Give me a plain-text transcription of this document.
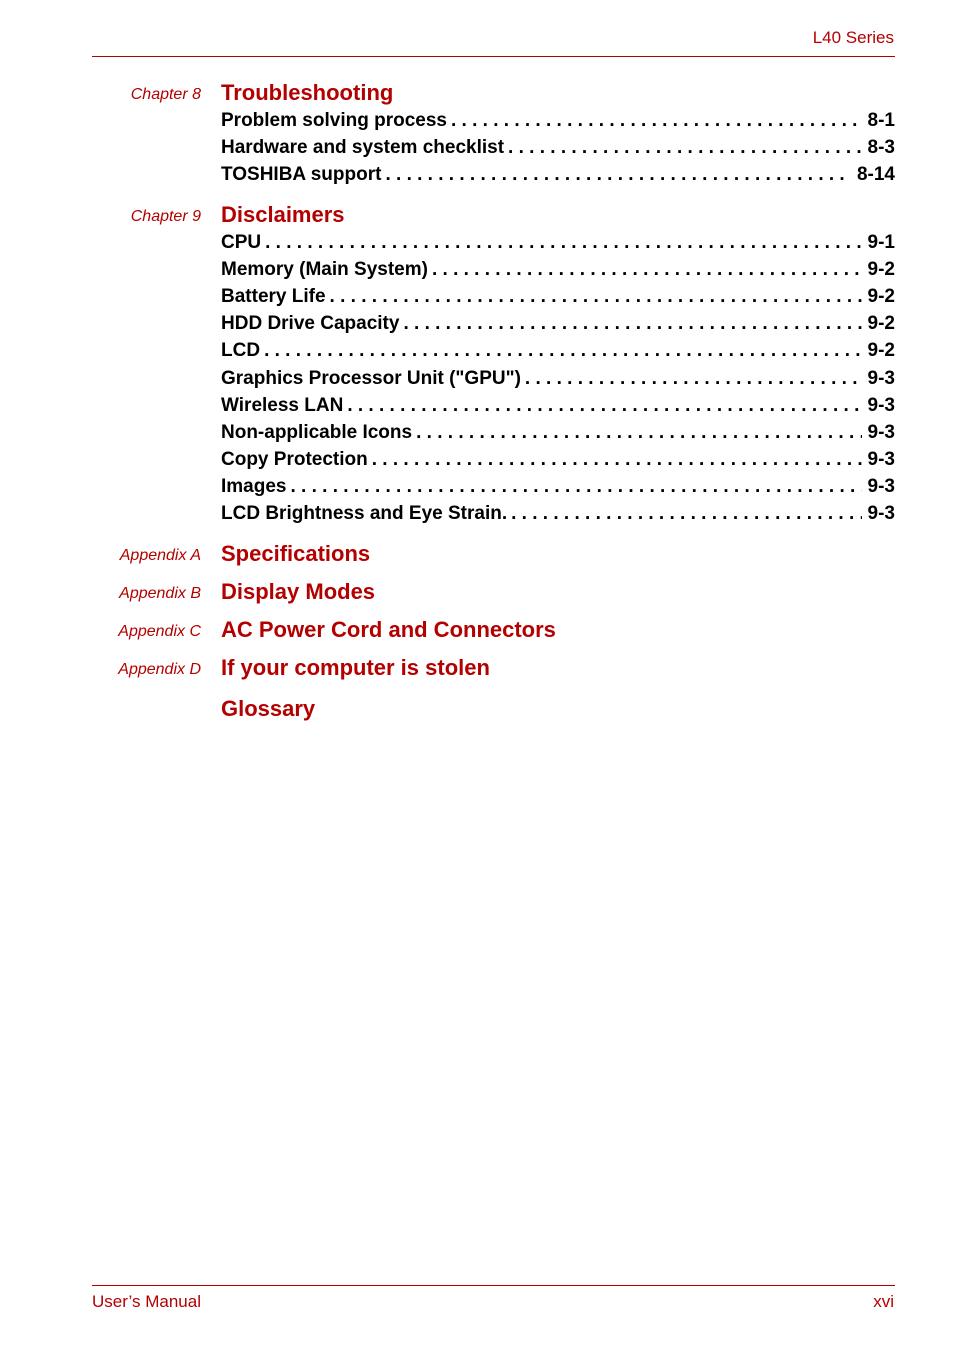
L40 Series
Chapter 8 Troubleshooting
Problem solving process . . .	8-1
Hardware and system checklist . . .	8-3
TOSHIBA support . . .	8-14
Chapter 9 Disclaimers
CPU . . .	9-1
Memory (Main System) . . .	9-2
Battery Life . . .	9-2
HDD Drive Capacity . . .	9-2
LCD . . .	9-2
Graphics Processor Unit ("GPU") . . .	9-3
Wireless LAN . . .	9-3
Non-applicable Icons . . .	9-3
Copy Protection . . .	9-3
Images . . .	9-3
LCD Brightness and Eye Strain. . . .	9-3
Appendix A Specifications
Appendix B Display Modes
Appendix C AC Power Cord and Connectors
Appendix D If your computer is stolen
Glossary
User’s Manual	xvi
